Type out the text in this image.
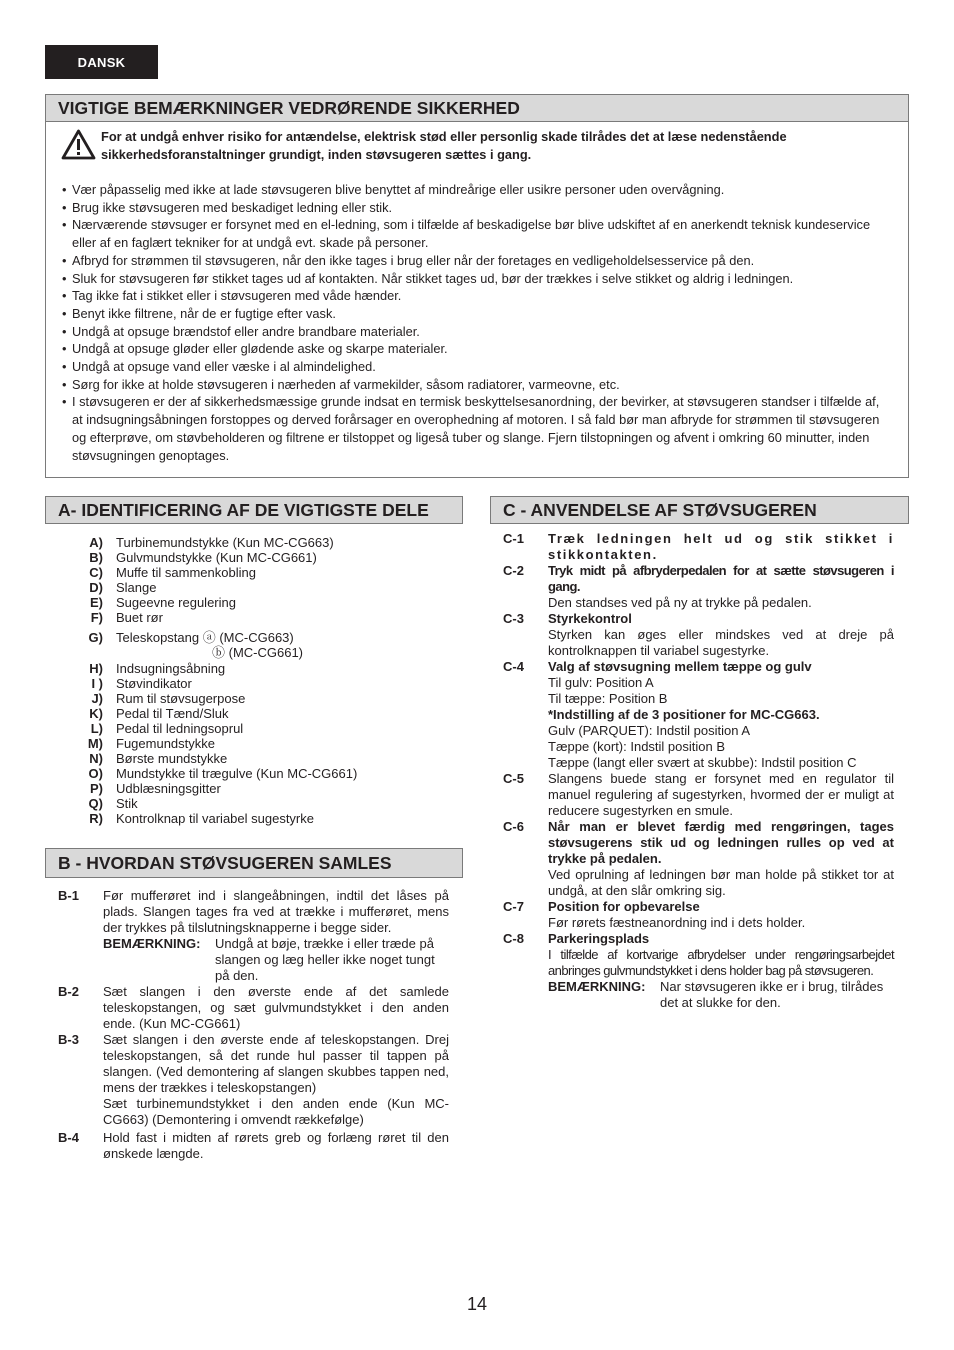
DANSK
VIGTIGE BEMÆRKNINGER VEDRØRENDE SIKKERHED
For at undgå enhver risiko for antændelse, elektrisk stød eller personlig skade tilrådes det at læse nedenstående sikkerhedsforanstaltninger grundigt, inden støvsugeren sættes i gang.
• Vær påpasselig med ikke at lade støvsugeren blive benyttet af mindreårige eller usikre personer uden overvågning.
• Brug ikke støvsugeren med beskadiget ledning eller stik.
• Nærværende støvsuger er forsynet med en el-ledning, som i tilfælde af beskadigelse bør blive udskiftet af en anerkendt teknisk kundeservice eller af en faglært tekniker for at undgå evt. skade på personer.
• Afbryd for strømmen til støvsugeren, når den ikke tages i brug eller når der foretages en vedligeholdelsesservice på den.
• Sluk for støvsugeren før stikket tages ud af kontakten. Når stikket tages ud, bør der trækkes i selve stikket og aldrig i ledningen.
• Tag ikke fat i stikket eller i støvsugeren med våde hænder.
• Benyt ikke filtrene, når de er fugtige efter vask.
• Undgå at opsuge brændstof eller andre brandbare materialer.
• Undgå at opsuge gløder eller glødende aske og skarpe materialer.
• Undgå at opsuge vand eller væske i al almindelighed.
• Sørg for ikke at holde støvsugeren i nærheden af varmekilder, såsom radiatorer, varmeovne, etc.
• I støvsugeren er der af sikkerhedsmæssige grunde indsat en termisk beskyttelsesanordning, der bevirker, at støvsugeren standser i tilfælde af, at indsugningsåbningen forstoppes og derved forårsager en overophedning af motoren. I så fald bør man afbryde for strømmen til støvsugeren og efterprøve, om støvbeholderen og filtrene er tilstoppet og ligeså tuber og slange. Fjern tilstopningen og afvent i omkring 60 minutter, inden støvsugningen genoptages.
A- IDENTIFICERING AF DE VIGTIGSTE DELE
A) Turbinemundstykke (Kun MC-CG663)
B) Gulvmundstykke (Kun MC-CG661)
C) Muffe til sammenkobling
D) Slange
E) Sugeevne regulering
F) Buet rør
G) Teleskopstang ⓐ (MC-CG663)
ⓑ (MC-CG661)
H) Indsugningsåbning
I ) Støvindikator
J) Rum til støvsugerpose
K) Pedal til Tænd/Sluk
L) Pedal til ledningsoprul
M) Fugemundstykke
N) Børste mundstykke
O) Mundstykke til trægulve (Kun MC-CG661)
P) Udblæsningsgitter
Q) Stik
R) Kontrolknap til variabel sugestyrke
B - HVORDAN STØVSUGEREN SAMLES
B-1	Før mufferøret ind i slangeåbningen, indtil det låses på plads. Slangen tages fra ved at trække i mufferøret, mens der trykkes på tilslutningsknapperne i begge sider.
BEMÆRKNING:	Undgå at bøje, trække i eller træde på slangen og læg heller ikke noget tungt på den.
B-2	Sæt slangen i den øverste ende af det samlede teleskopstangen, og sæt gulvmundstykket i den anden ende. (Kun MC-CG661)
B-3	Sæt slangen i den øverste ende af teleskopstangen. Drej teleskopstangen, så det runde hul passer til tappen på slangen. (Ved demontering af slangen skubbes tappen ned, mens der trækkes i teleskopstangen)
Sæt turbinemundstykket i den anden ende (Kun MC-CG663) (Demontering i omvendt rækkefølge)
B-4	Hold fast i midten af rørets greb og forlæng røret til den ønskede længde.
C - ANVENDELSE AF STØVSUGEREN
C-1	Træk ledningen helt ud og stik stikket i stikkontakten.
C-2	Tryk midt på afbryderpedalen for at sætte støvsugeren i gang.
Den standses ved på ny at trykke på pedalen.
C-3	Styrkekontrol
Styrken kan øges eller mindskes ved at dreje på kontrolknappen til variabel sugestyrke.
C-4	Valg af støvsugning mellem tæppe og gulv
Til gulv: Position A
Til tæppe: Position B
*Indstilling af de 3 positioner for MC-CG663.
Gulv (PARQUET): Indstil position A
Tæppe (kort): Indstil position B
Tæppe (langt eller svært at skubbe): Indstil position C
C-5	Slangens buede stang er forsynet med en regulator til manuel regulering af sugestyrken, hvormed der er muligt at reducere sugestyrken en smule.
C-6	Når man er blevet færdig med rengøringen, tages støvsugerens stik ud og ledningen rulles op ved at trykke på pedalen.
Ved oprulning af ledningen bør man holde på stikket tor at undgå, at den slår omkring sig.
C-7	Position for opbevarelse
Før rørets fæstneanordning ind i dets holder.
C-8	Parkeringsplads
I tilfælde af kortvarige afbrydelser under rengøringsarbejdet anbringes gulvmundstykket i dens holder bag på støvsugeren.
BEMÆRKNING:	Nar støvsugeren ikke er i brug, tilrådes det at slukke for den.
14
